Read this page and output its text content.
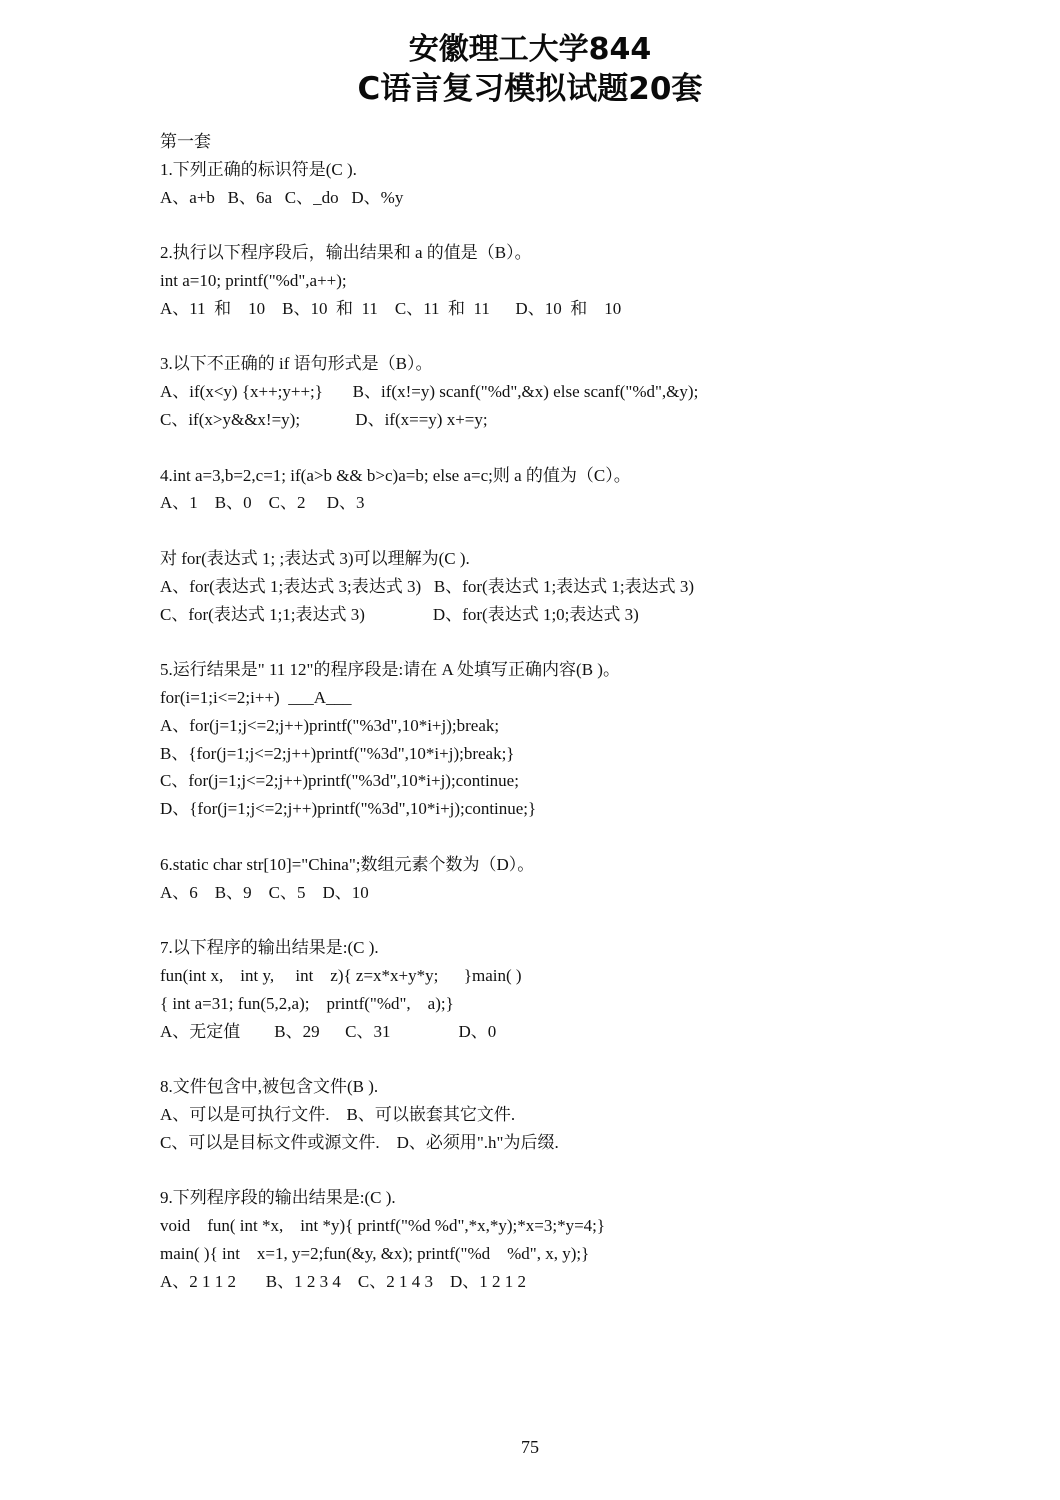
安徽理工大学844
C语言复习模拟试题20套
第一套
1.下列正确的标识符是(C ).
A、a+b   B、6a   C、_do   D、%y
2.执行以下程序段后，输出结果和 a 的值是（B）。
int a=10; printf("%d",a++);
A、11  和    10    B、10  和  11    C、11  和  11      D、10  和    10
3.以下不正确的 if 语句形式是（B）。
A、if(x<y) {x++;y++;}       B、if(x!=y) scanf("%d",&x) else scanf("%d",&y);
C、if(x>y&&x!=y);             D、if(x==y) x+=y;
4.int a=3,b=2,c=1; if(a>b && b>c)a=b; else a=c;则 a 的值为（C）。
A、1    B、0    C、2     D、3
对 for(表达式 1; ;表达式 3)可以理解为(C ).
A、for(表达式 1;表达式 3;表达式 3)   B、for(表达式 1;表达式 1;表达式 3)
C、for(表达式 1;1;表达式 3)                D、for(表达式 1;0;表达式 3)
5.运行结果是" 11 12"的程序段是:请在 A 处填写正确内容(B )。
for(i=1;i<=2;i++)  ___A___
A、for(j=1;j<=2;j++)printf("%3d",10*i+j);break;
B、{for(j=1;j<=2;j++)printf("%3d",10*i+j);break;}
C、for(j=1;j<=2;j++)printf("%3d",10*i+j);continue;
D、{for(j=1;j<=2;j++)printf("%3d",10*i+j);continue;}
6.static char str[10]="China";数组元素个数为（D）。
A、6    B、9    C、5    D、10
7.以下程序的输出结果是:(C ).
fun(int x,    int y,     int    z){ z=x*x+y*y;      }main( )
{ int a=31; fun(5,2,a);    printf("%d",    a);}
A、无定值        B、29      C、31                D、0
8.文件包含中,被包含文件(B ).
A、可以是可执行文件.    B、可以嵌套其它文件.
C、可以是目标文件或源文件.    D、必须用".h"为后缀.
9.下列程序段的输出结果是:(C ).
void    fun( int *x,    int *y){ printf("%d %d",*x,*y);*x=3;*y=4;}
main( ){ int    x=1, y=2;fun(&y, &x); printf("%d    %d", x, y);}
A、2 1 1 2       B、1 2 3 4    C、2 1 4 3    D、1 2 1 2
75
